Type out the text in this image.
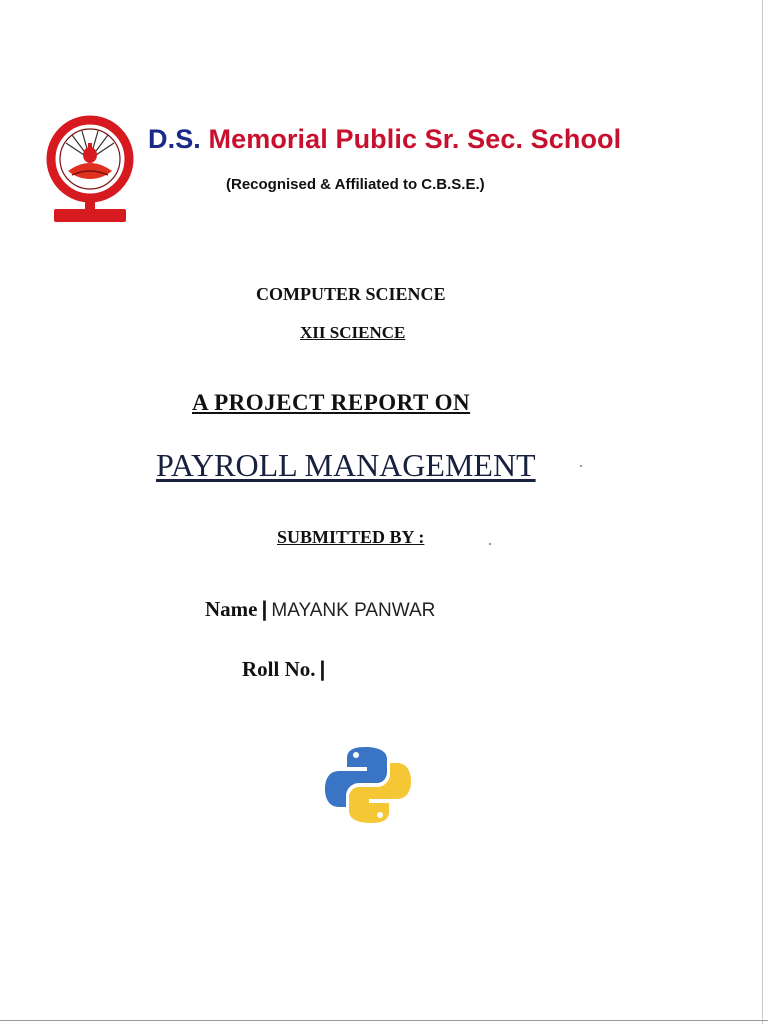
D.S. Memorial Public Sr. Sec. School
(Recognised & Affiliated to C.B.S.E.)
COMPUTER SCIENCE
XII SCIENCE
A PROJECT REPORT ON
PAYROLL MANAGEMENT
SUBMITTED BY :
Name | MAYANK PANWAR
Roll No. |
